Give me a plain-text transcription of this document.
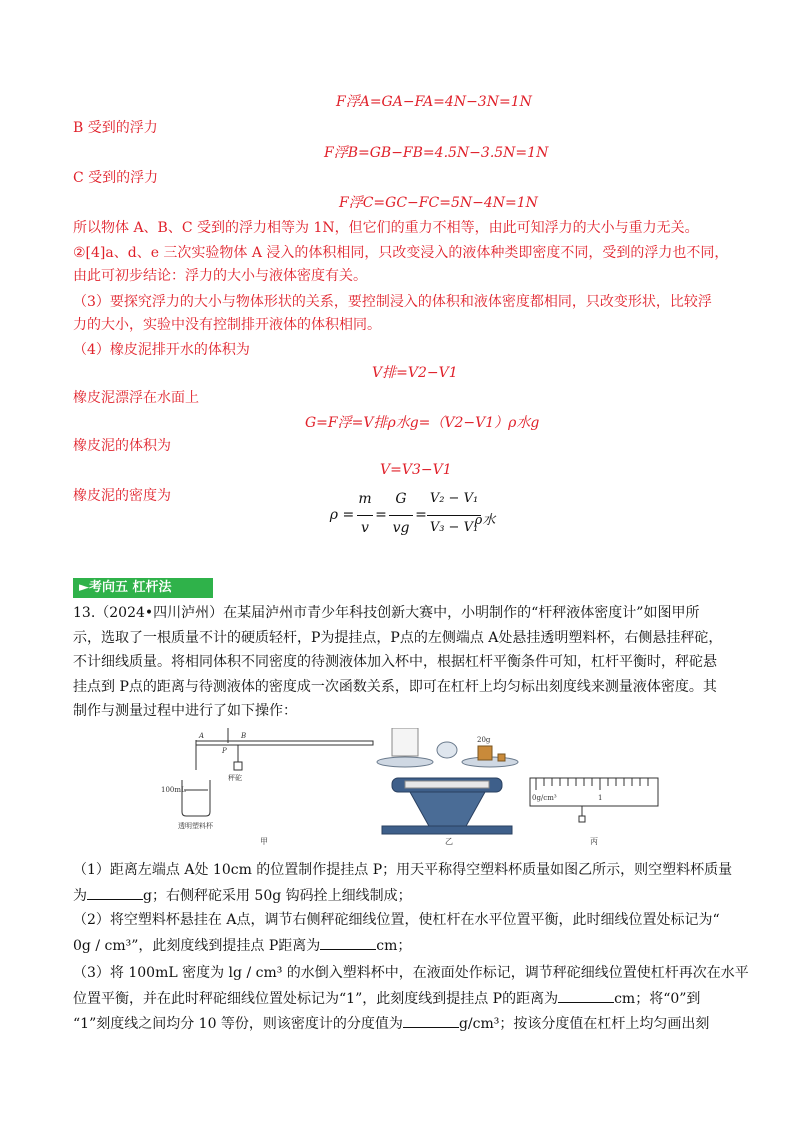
F浮A=GA−FA=4N−3N=1N
B 受到的浮力
F浮B=GB−FB=4.5N−3.5N=1N
C 受到的浮力
F浮C=GC−FC=5N−4N=1N
所以物体 A、B、C 受到的浮力相等为 1N，但它们的重力不相等，由此可知浮力的大小与重力无关。
②[4]a、d、e 三次实验物体 A 浸入的体积相同，只改变浸入的液体种类即密度不同，受到的浮力也不同，
由此可初步结论：浮力的大小与液体密度有关。
（3）要探究浮力的大小与物体形状的关系，要控制浸入的体积和液体密度都相同，只改变形状，比较浮
力的大小，实验中没有控制排开液体的体积相同。
（4）橡皮泥排开水的体积为
V排=V2−V1
橡皮泥漂浮在水面上
G=F浮=V排ρ水g=（V2−V1）ρ水g
橡皮泥的体积为
V=V3−V1
橡皮泥的密度为
ρ =
m
v
=
G
vg
=
V₂ − V₁
V₃ − V₁
ρ水
►考向五 杠杆法
13.（2024•四川泸州）在某届泸州市青少年科技创新大赛中，小明制作的“杆秤液体密度计”如图甲所
示，选取了一根质量不计的硬质轻杆，P为提挂点，P点的左侧端点 A处悬挂透明塑料杯，右侧悬挂秤砣，
不计细线质量。将相同体积不同密度的待测液体加入杯中，根据杠杆平衡条件可知，杠杆平衡时，秤砣悬
挂点到 P点的距离与待测液体的密度成一次函数关系，即可在杠杆上均匀标出刻度线来测量液体密度。其
制作与测量过程中进行了如下操作：
A	B
P
100mL
透明塑料杯
秤砣
20g
0g/cm³	1
甲	乙	丙
（1）距离左端点 A处 10cm 的位置制作提挂点 P；用天平称得空塑料杯质量如图乙所示，则空塑料杯质量
为	g；右侧秤砣采用 50g 钩码拴上细线制成；
（2）将空塑料杯悬挂在 A点，调节右侧秤砣细线位置，使杠杆在水平位置平衡，此时细线位置处标记为“
0g / cm³”，此刻度线到提挂点 P距离为	cm；
（3）将 100mL 密度为 lg / cm³ 的水倒入塑料杯中，在液面处作标记，调节秤砣细线位置使杠杆再次在水平
位置平衡，并在此时秤砣细线位置处标记为“1”，此刻度线到提挂点 P的距离为	cm；将“0”到
“1”刻度线之间均分 10 等份，则该密度计的分度值为	g/cm³；按该分度值在杠杆上均匀画出刻
